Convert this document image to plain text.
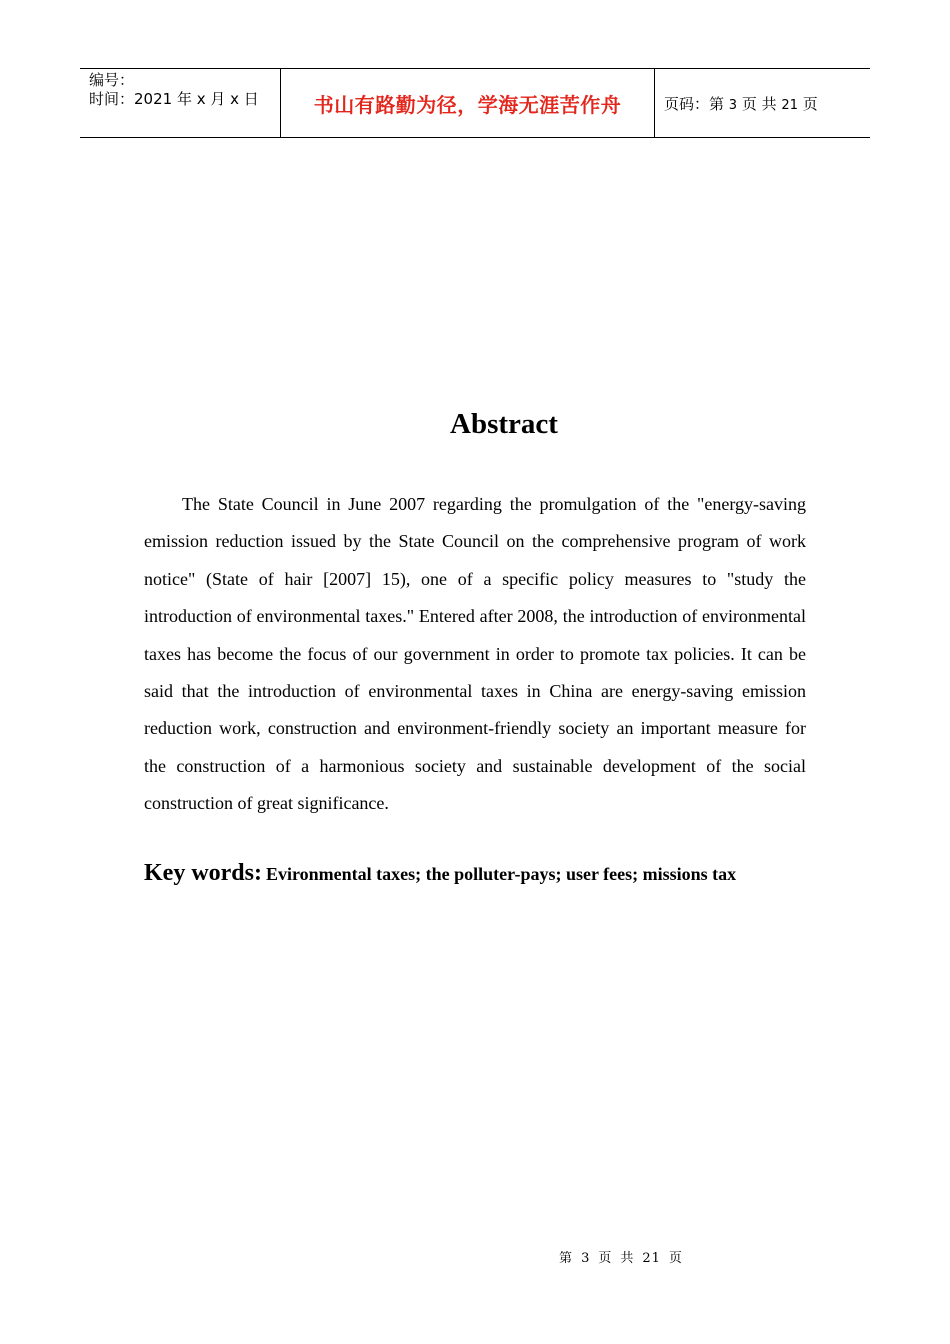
编号：
时间：2021 年 x 月 x 日	书山有路勤为径，学海无涯苦作舟	页码：第 3 页 共 21 页
Abstract

The State Council in June 2007 regarding the promulgation of the "energy-saving emission reduction issued by the State Council on the comprehensive program of work notice" (State of hair [2007] 15), one of a specific policy measures to "study the introduction of environmental taxes." Entered after 2008, the introduction of environmental taxes has become the focus of our government in order to promote tax policies. It can be said that the introduction of environmental taxes in China are energy-saving emission reduction work, construction and environment-friendly society an important measure for the construction of a harmonious society and sustainable development of the social construction of great significance.

Key words: Evironmental taxes; the polluter-pays; user fees; missions tax
第 3 页 共 21 页
